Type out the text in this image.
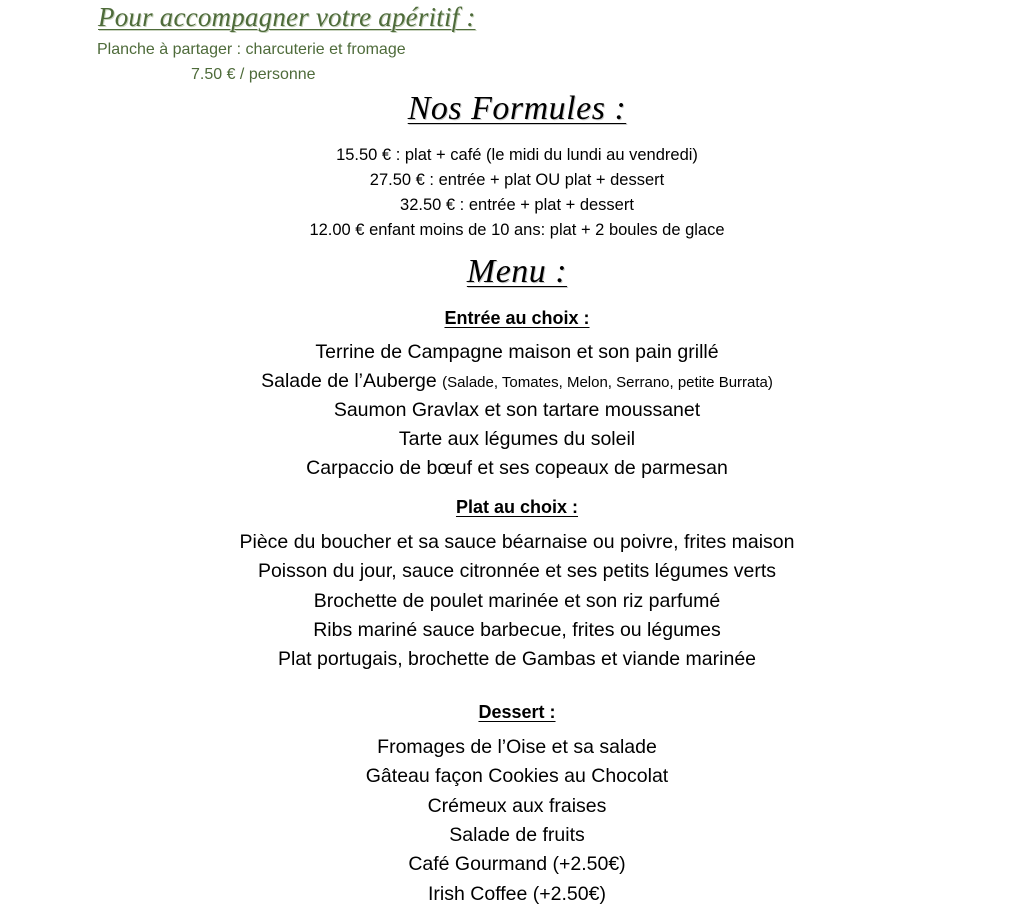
Pour accompagner votre apéritif :
Planche à partager : charcuterie et fromage
7.50 € / personne
Nos Formules :
15.50 € : plat + café (le midi du lundi au vendredi)
27.50 € : entrée + plat OU plat + dessert
32.50 € : entrée + plat + dessert
12.00 € enfant moins de 10 ans: plat + 2 boules de glace
Menu :
Entrée au choix :
Terrine de Campagne maison et son pain grillé
Salade de l’Auberge (Salade, Tomates, Melon, Serrano, petite Burrata)
Saumon Gravlax et son tartare moussanet
Tarte aux légumes du soleil
Carpaccio de bœuf et ses copeaux de parmesan
Plat au choix :
Pièce du boucher et sa sauce béarnaise ou poivre, frites maison
Poisson du jour, sauce citronnée et ses petits légumes verts
Brochette de poulet marinée et son riz parfumé
Ribs mariné sauce barbecue, frites ou légumes
Plat portugais, brochette de Gambas et viande marinée
Dessert :
Fromages de l’Oise et sa salade
Gâteau façon Cookies au Chocolat
Crémeux aux fraises
Salade de fruits
Café Gourmand (+2.50€)
Irish Coffee (+2.50€)
